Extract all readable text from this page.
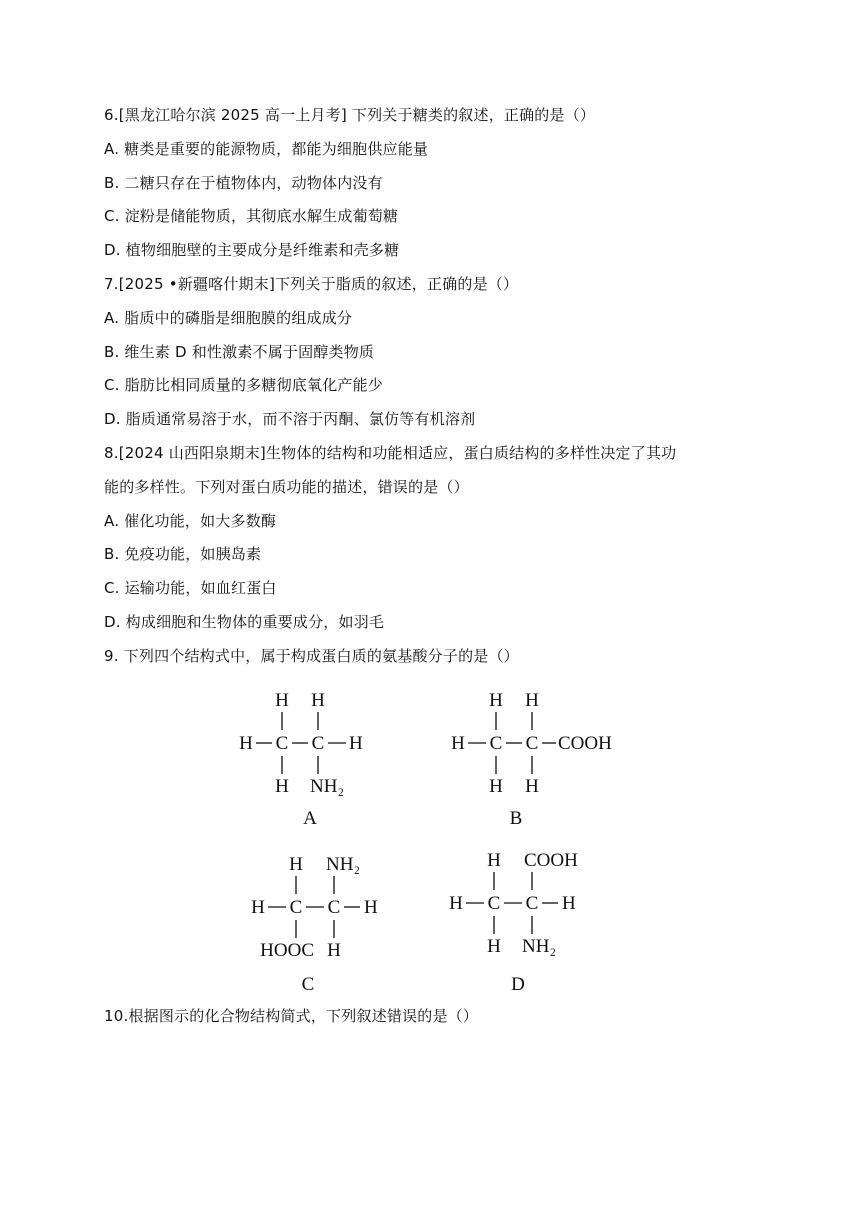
6.[黑龙江哈尔滨 2025 高一上月考] 下列关于糖类的叙述，正确的是（）
A. 糖类是重要的能源物质，都能为细胞供应能量
B. 二糖只存在于植物体内，动物体内没有
C. 淀粉是储能物质，其彻底水解生成葡萄糖
D. 植物细胞壁的主要成分是纤维素和壳多糖
7.[2025 •新疆喀什期末]下列关于脂质的叙述，正确的是（）
A. 脂质中的磷脂是细胞膜的组成成分
B. 维生素 D 和性激素不属于固醇类物质
C. 脂肪比相同质量的多糖彻底氧化产能少
D. 脂质通常易溶于水，而不溶于丙酮、氯仿等有机溶剂
8.[2024 山西阳泉期末]生物体的结构和功能相适应，蛋白质结构的多样性决定了其功
能的多样性。下列对蛋白质功能的描述，错误的是（）
A. 催化功能，如大多数酶
B. 免疫功能，如胰岛素
C. 运输功能，如血红蛋白
D. 构成细胞和生物体的重要成分，如羽毛
9. 下列四个结构式中，属于构成蛋白质的氨基酸分子的是（）
H H
H C C H
H NH₂
A
H H
H C C COOH
H H
B
H NH₂
H C C H
HOOC H
C
H COOH
H C C H
H NH₂
D
10.根据图示的化合物结构简式，下列叙述错误的是（）
